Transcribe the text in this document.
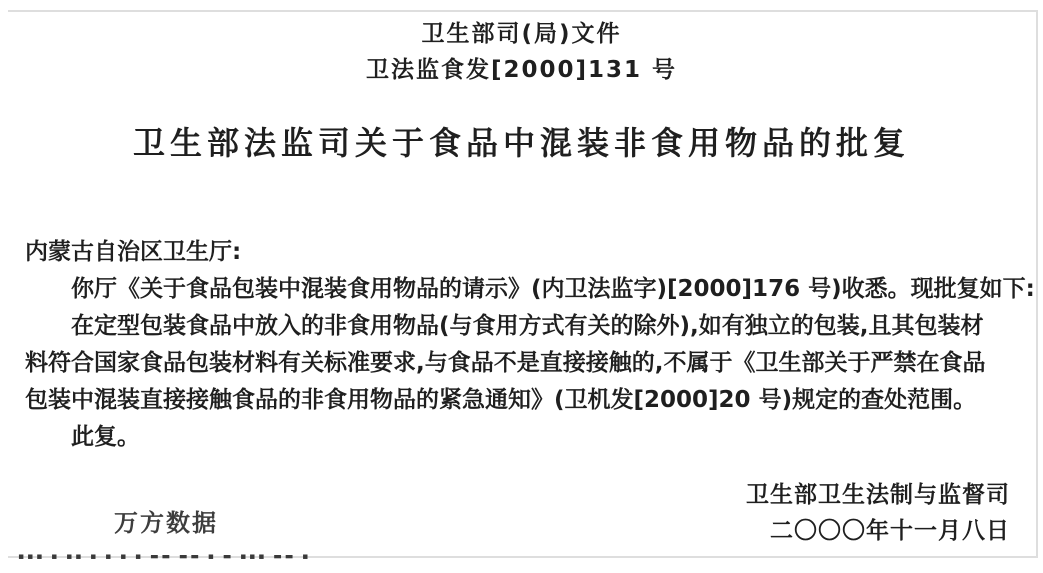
卫生部司(局)文件
卫法监食发[2000]131 号
卫生部法监司关于食品中混装非食用物品的批复
内蒙古自治区卫生厅:
你厅《关于食品包装中混装食用物品的请示》(内卫法监字)[2000]176 号)收悉。现批复如下:
在定型包装食品中放入的非食用物品(与食用方式有关的除外),如有独立的包装,且其包装材
料符合国家食品包装材料有关标准要求,与食品不是直接接触的,不属于《卫生部关于严禁在食品
包装中混装直接接触食品的非食用物品的紧急通知》(卫机发[2000]20 号)规定的查处范围。
此复。
卫生部卫生法制与监督司
二〇〇〇年十一月八日
万方数据
▪▪▪ ▪ ▪▪ ▪ ▪ ▪ ▪ ▬▬ ▬▬ ▪ ▬ ▪▪▪ ▬▬ ▪
